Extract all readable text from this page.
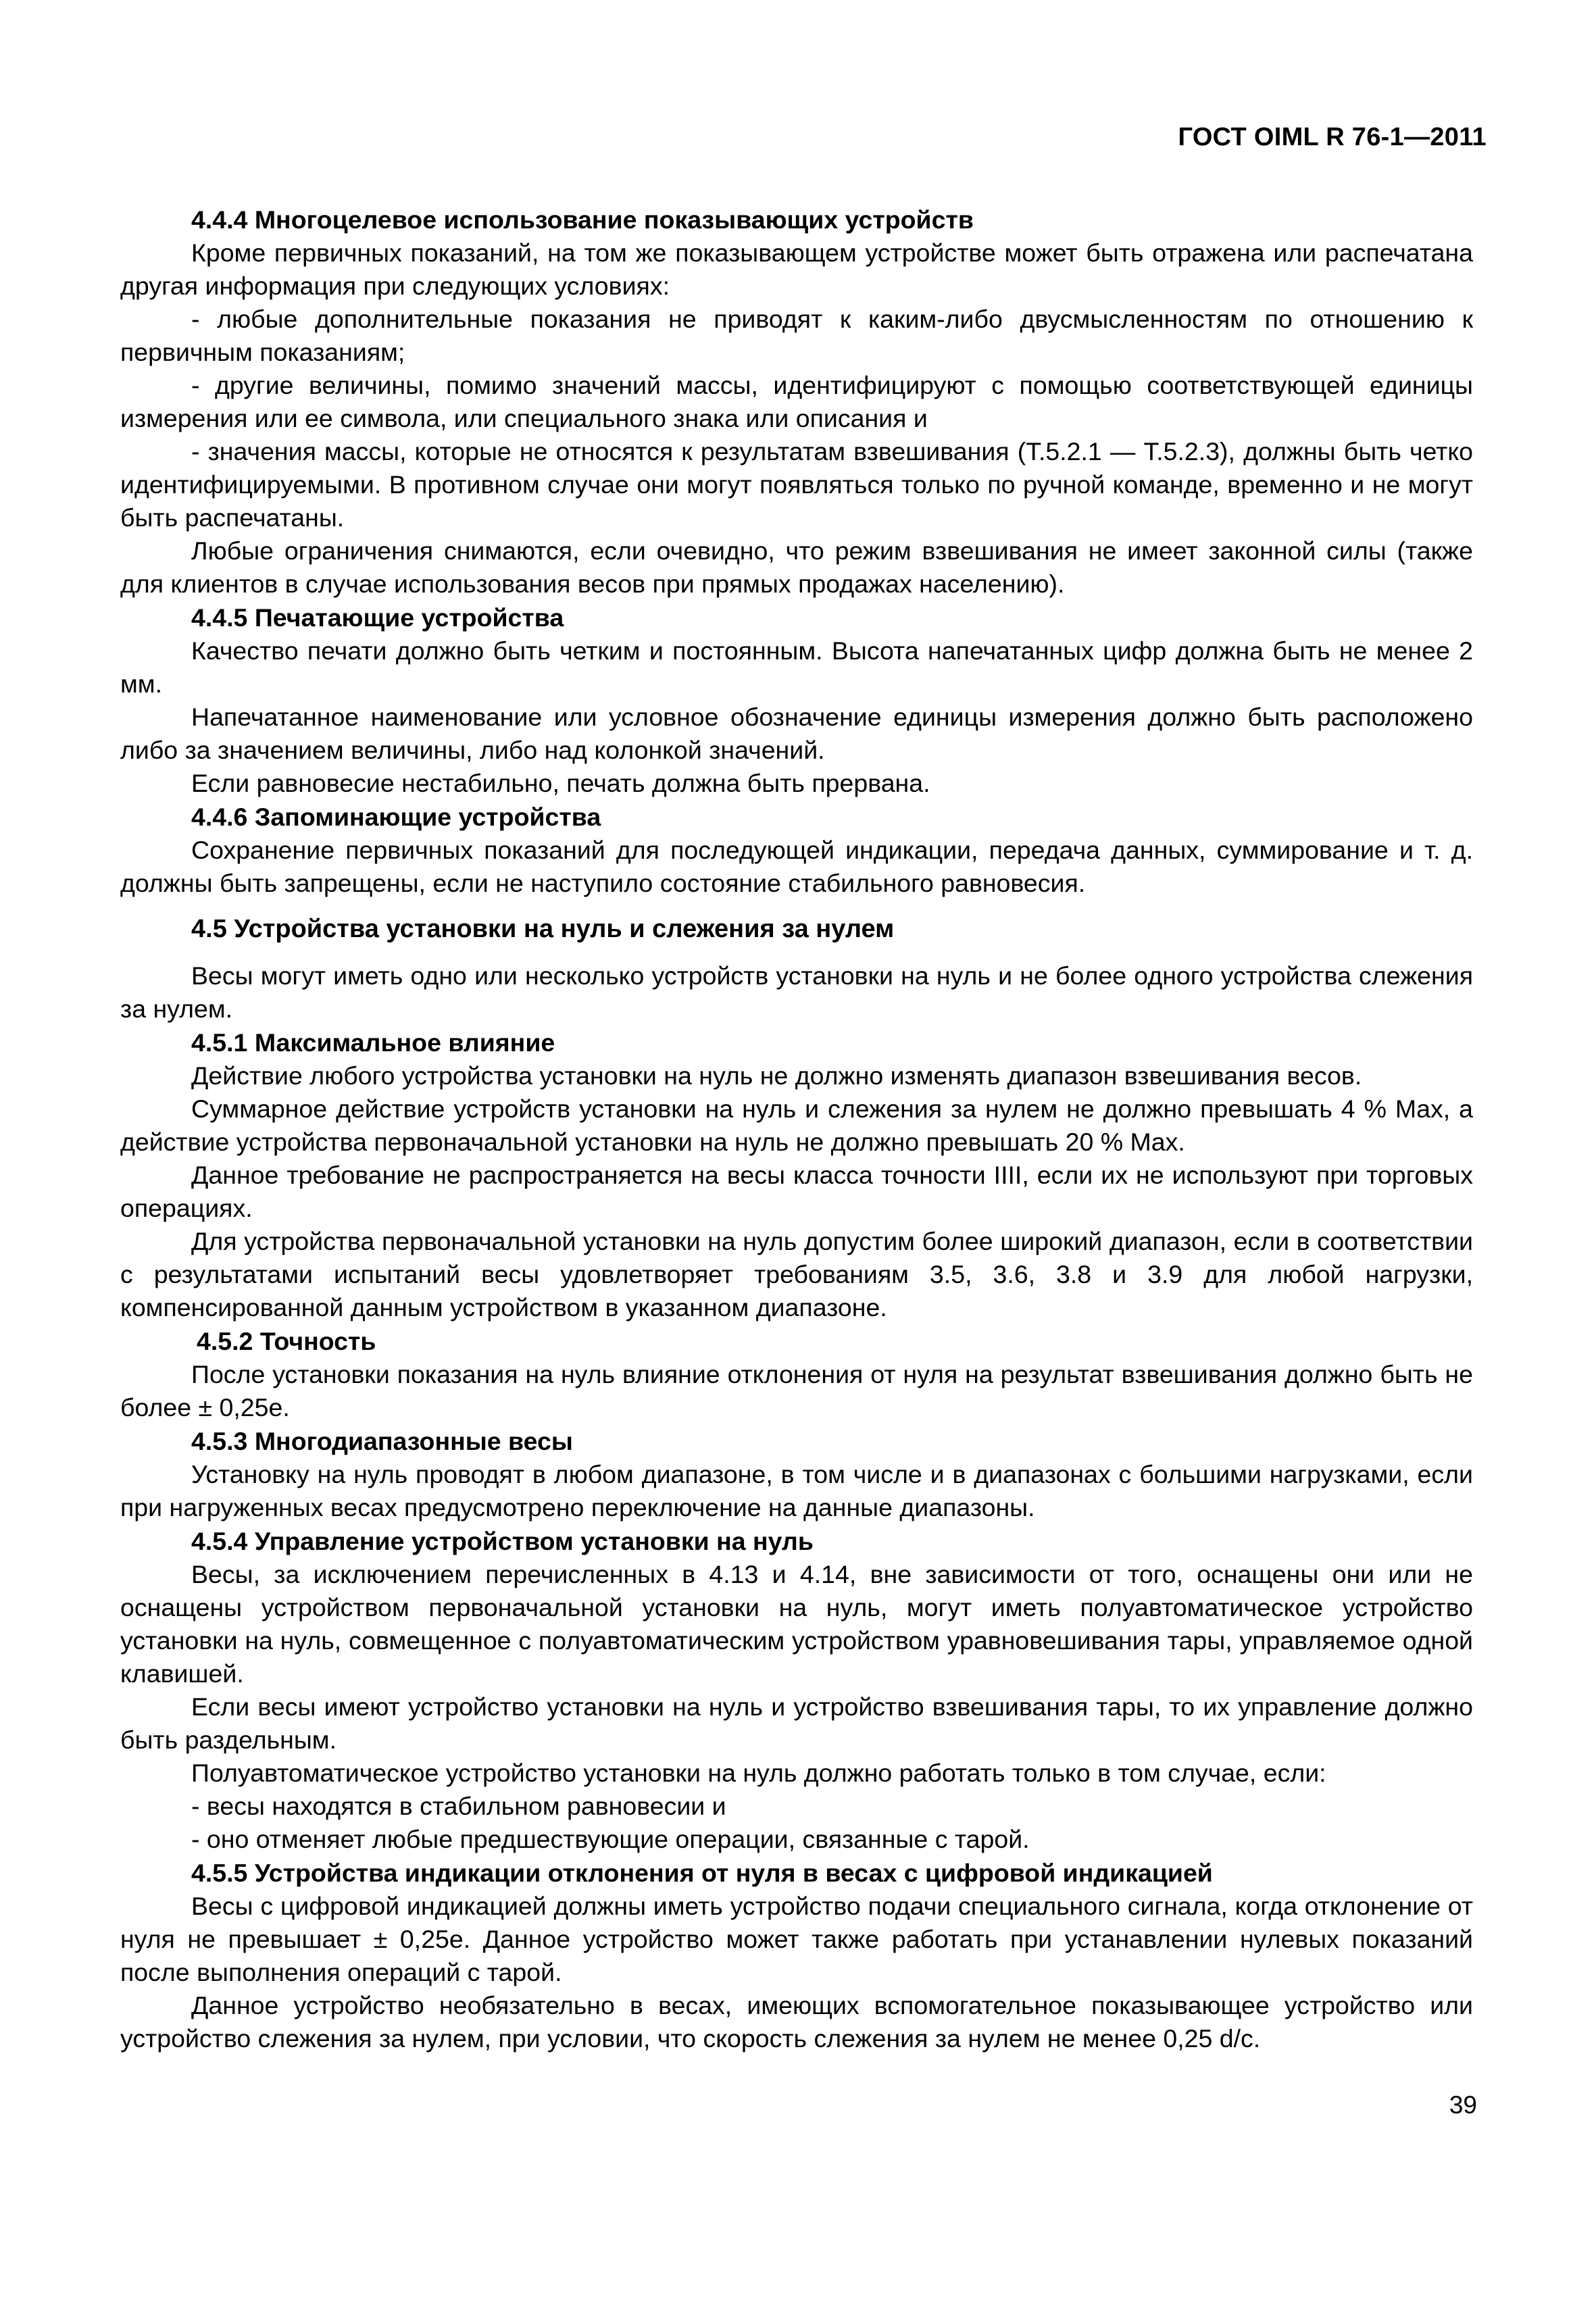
ГОСТ OIML R 76-1—2011
4.4.4 Многоцелевое использование показывающих устройств

Кроме первичных показаний, на том же показывающем устройстве может быть отражена или распечатана другая информация при следующих условиях:

- любые дополнительные показания не приводят к каким-либо двусмысленностям по отношению к первичным показаниям;

- другие величины, помимо значений массы, идентифицируют с помощью соответствующей единицы измерения или ее символа, или специального знака или описания и

- значения массы, которые не относятся к результатам взвешивания (Т.5.2.1 — Т.5.2.3), должны быть четко идентифицируемыми. В противном случае они могут появляться только по ручной команде, временно и не могут быть распечатаны.

Любые ограничения снимаются, если очевидно, что режим взвешивания не имеет законной силы (также для клиентов в случае использования весов при прямых продажах населению).

4.4.5 Печатающие устройства

Качество печати должно быть четким и постоянным. Высота напечатанных цифр должна быть не менее 2 мм.

Напечатанное наименование или условное обозначение единицы измерения должно быть расположено либо за значением величины, либо над колонкой значений.

Если равновесие нестабильно, печать должна быть прервана.

4.4.6 Запоминающие устройства

Сохранение первичных показаний для последующей индикации, передача данных, суммирование и т. д. должны быть запрещены, если не наступило состояние стабильного равновесия.

4.5 Устройства установки на нуль и слежения за нулем

Весы могут иметь одно или несколько устройств установки на нуль и не более одного устройства слежения за нулем.

4.5.1 Максимальное влияние

Действие любого устройства установки на нуль не должно изменять диапазон взвешивания весов.

Суммарное действие устройств установки на нуль и слежения за нулем не должно превышать 4 % Max, а действие устройства первоначальной установки на нуль не должно превышать 20 % Max.

Данное требование не распространяется на весы класса точности IIII, если их не используют при торговых операциях.

Для устройства первоначальной установки на нуль допустим более широкий диапазон, если в соответствии с результатами испытаний весы удовлетворяет требованиям 3.5, 3.6, 3.8 и 3.9 для любой нагрузки, компенсированной данным устройством в указанном диапазоне.

4.5.2 Точность

После установки показания на нуль влияние отклонения от нуля на результат взвешивания должно быть не более ± 0,25e.

4.5.3 Многодиапазонные весы

Установку на нуль проводят в любом диапазоне, в том числе и в диапазонах с большими нагрузками, если при нагруженных весах предусмотрено переключение на данные диапазоны.

4.5.4 Управление устройством установки на нуль

Весы, за исключением перечисленных в 4.13 и 4.14, вне зависимости от того, оснащены они или не оснащены устройством первоначальной установки на нуль, могут иметь полуавтоматическое устройство установки на нуль, совмещенное с полуавтоматическим устройством уравновешивания тары, управляемое одной клавишей.

Если весы имеют устройство установки на нуль и устройство взвешивания тары, то их управление должно быть раздельным.

Полуавтоматическое устройство установки на нуль должно работать только в том случае, если:

- весы находятся в стабильном равновесии и

- оно отменяет любые предшествующие операции, связанные с тарой.

4.5.5 Устройства индикации отклонения от нуля в весах с цифровой индикацией

Весы с цифровой индикацией должны иметь устройство подачи специального сигнала, когда отклонение от нуля не превышает ± 0,25e. Данное устройство может также работать при устанавлении нулевых показаний после выполнения операций с тарой.

Данное устройство необязательно в весах, имеющих вспомогательное показывающее устройство или устройство слежения за нулем, при условии, что скорость слежения за нулем не менее 0,25 d/c.

39
